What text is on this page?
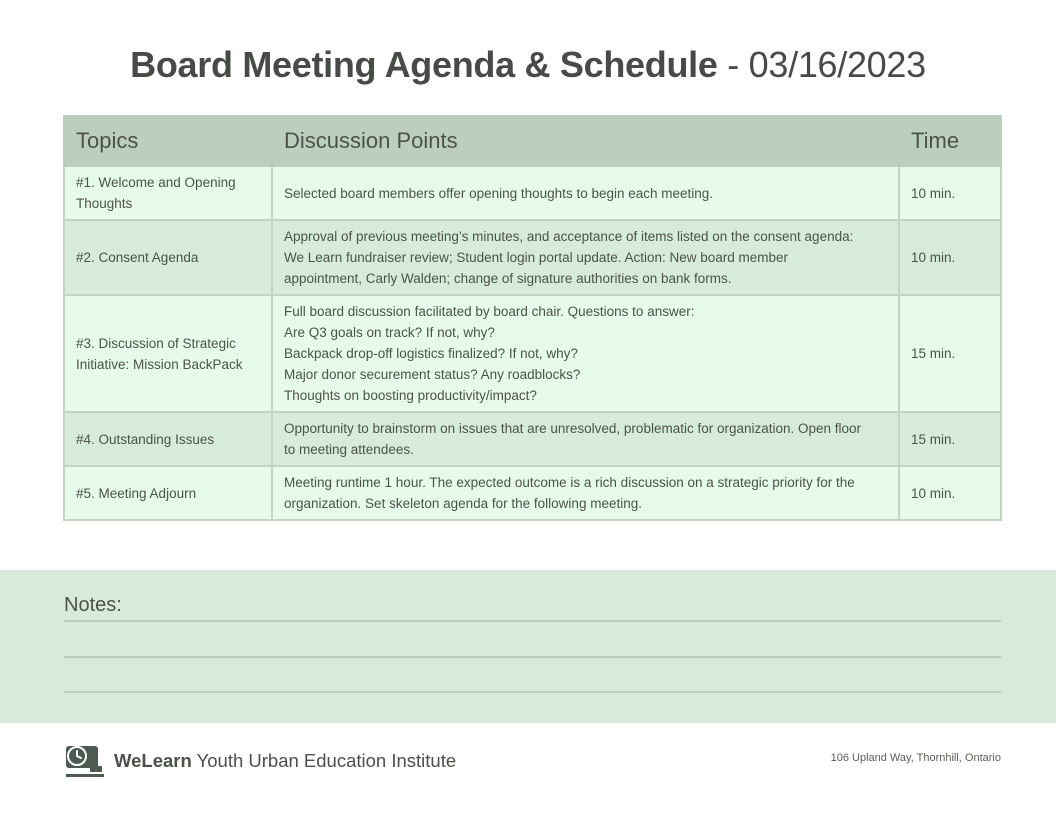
Board Meeting Agenda & Schedule - 03/16/2023
Topics	Discussion Points	Time

#1. Welcome and Opening
Thoughts	Selected board members offer opening thoughts to begin each meeting.	10 min.

#2. Consent Agenda	Approval of previous meeting’s minutes, and acceptance of items listed on the consent agenda:
We Learn fundraiser review; Student login portal update. Action: New board member
appointment, Carly Walden; change of signature authorities on bank forms.	10 min.

#3. Discussion of Strategic
Initiative: Mission BackPack	Full board discussion facilitated by board chair. Questions to answer:
Are Q3 goals on track? If not, why?
Backpack drop-off logistics finalized? If not, why?
Major donor securement status? Any roadblocks?
Thoughts on boosting productivity/impact?	15 min.

#4. Outstanding Issues	Opportunity to brainstorm on issues that are unresolved, problematic for organization. Open floor
to meeting attendees.	15 min.

#5. Meeting Adjourn	Meeting runtime 1 hour. The expected outcome is a rich discussion on a strategic priority for the
organization. Set skeleton agenda for the following meeting.	10 min.
Notes:
WeLearn Youth Urban Education Institute	106 Upland Way, Thornhill, Ontario
